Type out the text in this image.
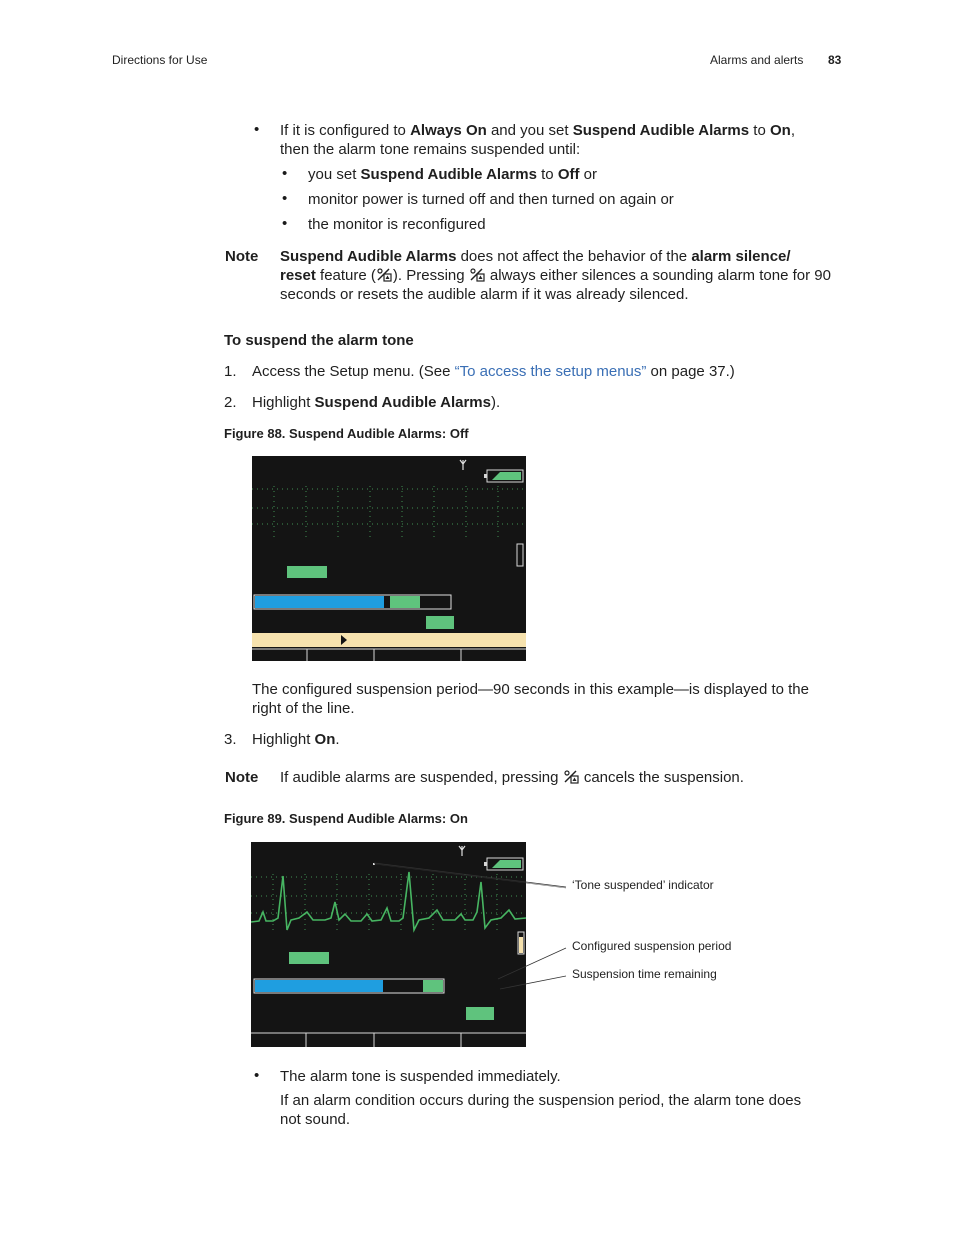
Directions for Use	Alarms and alerts 83
• If it is configured to Always On and you set Suspend Audible Alarms to On,
then the alarm tone remains suspended until:
• you set Suspend Audible Alarms to Off or
• monitor power is turned off and then turned on again or
• the monitor is reconfigured
Note Suspend Audible Alarms does not affect the behavior of the alarm silence/
reset feature ( ). Pressing  always either silences a sounding alarm tone for 90
seconds or resets the audible alarm if it was already silenced.
To suspend the alarm tone
1. Access the Setup menu. (See “To access the setup menus” on page 37.)
2. Highlight Suspend Audible Alarms).
Figure 88. Suspend Audible Alarms: Off
The configured suspension period—90 seconds in this example—is displayed to the
right of the line.
3. Highlight On.
Note If audible alarms are suspended, pressing  cancels the suspension.
Figure 89. Suspend Audible Alarms: On
‘Tone suspended’ indicator
Configured suspension period
Suspension time remaining
• The alarm tone is suspended immediately.
If an alarm condition occurs during the suspension period, the alarm tone does
not sound.
